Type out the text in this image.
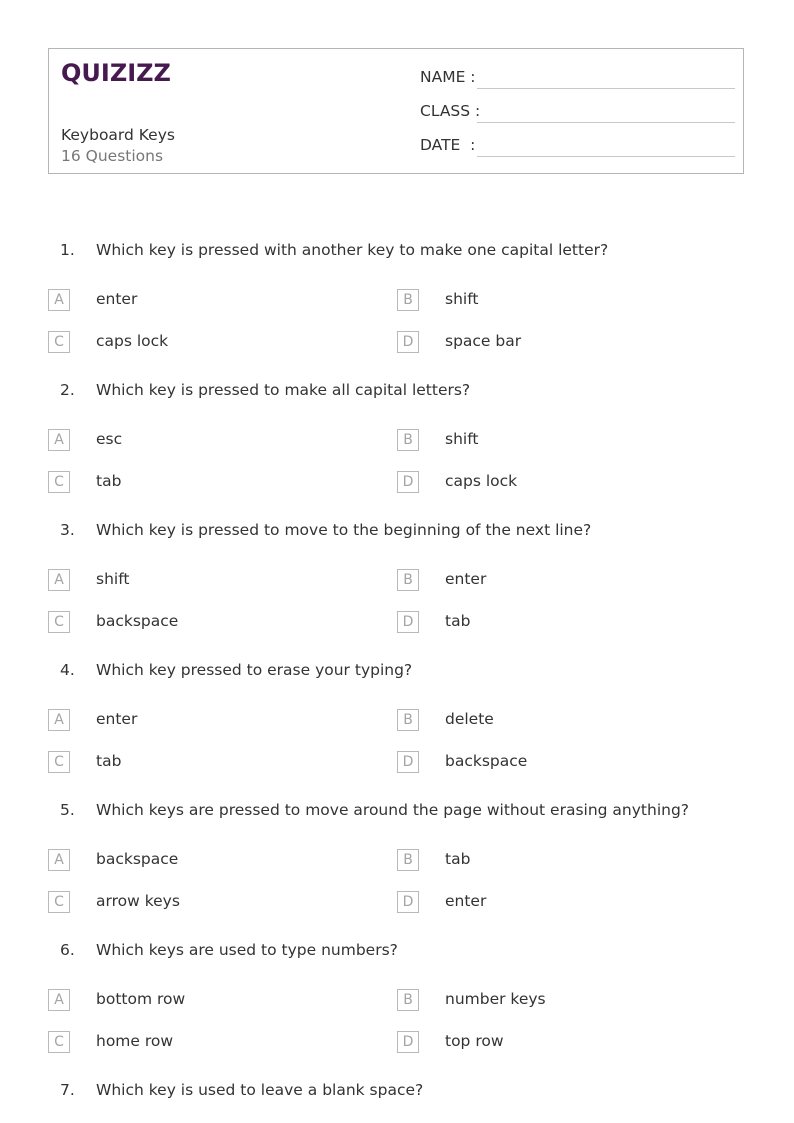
QUIZIZZ
Keyboard Keys
16 Questions
NAME :
CLASS :
DATE  :
1. Which key is pressed with another key to make one capital letter?
A	enter	B	shift
C	caps lock	D	space bar
2. Which key is pressed to make all capital letters?
A	esc	B	shift
C	tab	D	caps lock
3. Which key is pressed to move to the beginning of the next line?
A	shift	B	enter
C	backspace	D	tab
4. Which key pressed to erase your typing?
A	enter	B	delete
C	tab	D	backspace
5. Which keys are pressed to move around the page without erasing anything?
A	backspace	B	tab
C	arrow keys	D	enter
6. Which keys are used to type numbers?
A	bottom row	B	number keys
C	home row	D	top row
7. Which key is used to leave a blank space?
